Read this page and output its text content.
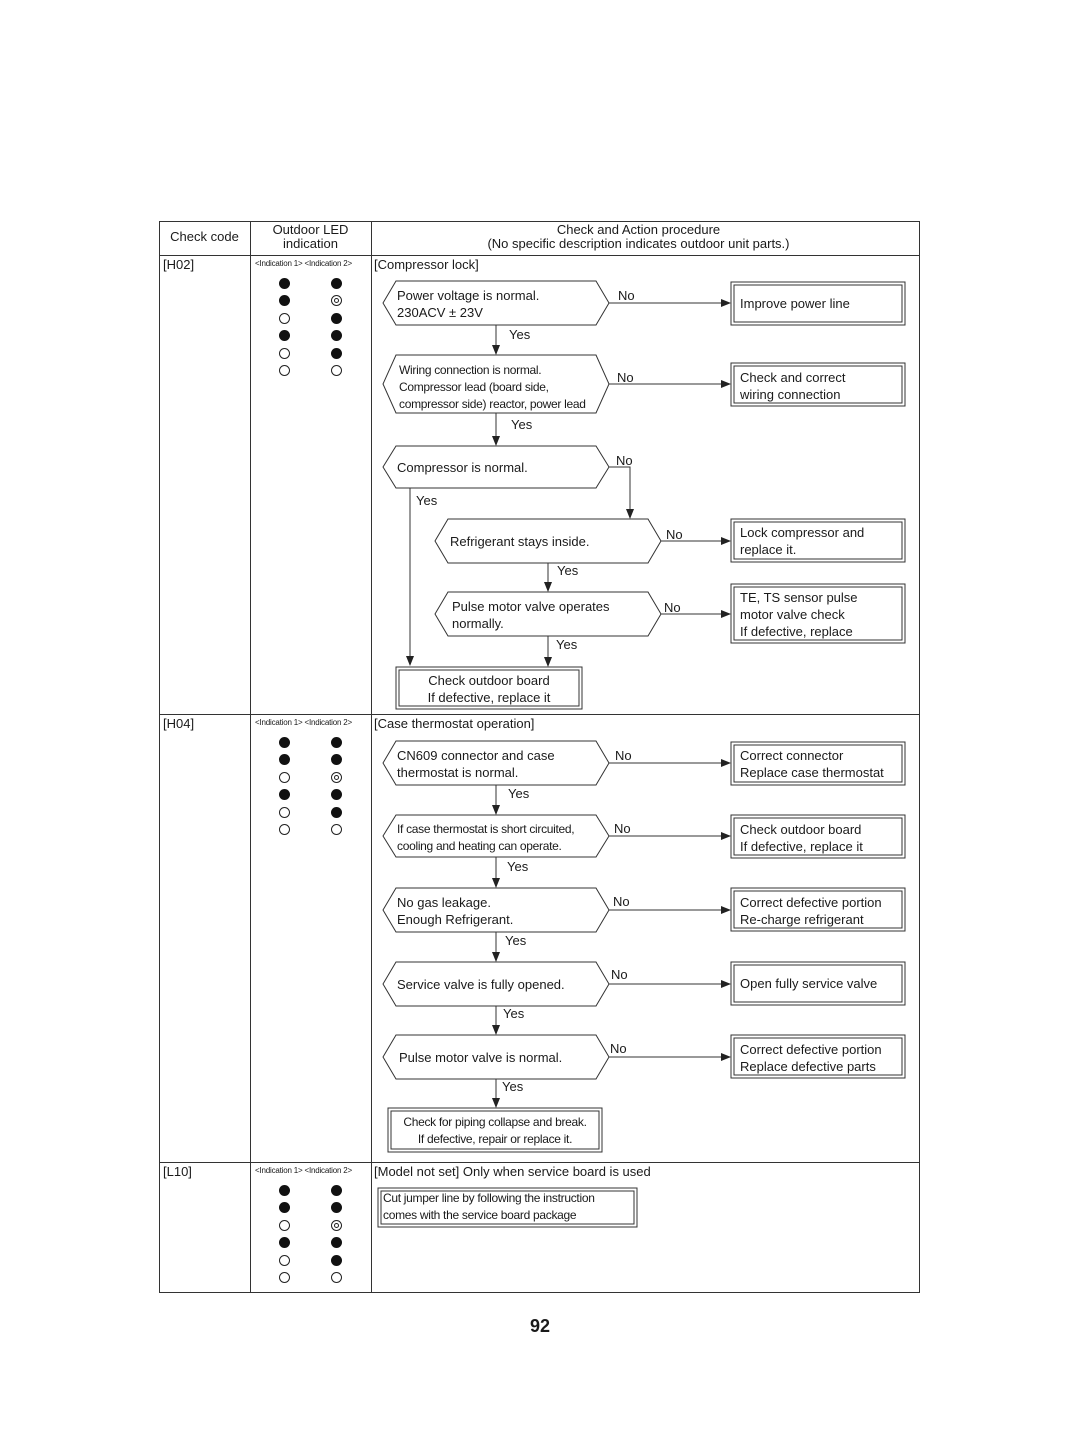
Check code	Outdoor LED
indication
Check and Action procedure
(No specific description indicates outdoor unit parts.)
[H02]
[H04]
[L10]
<Indication 1> <Indication 2>
<Indication 1> <Indication 2>
<Indication 1> <Indication 2>
[Compressor lock]
[Case thermostat operation]
[Model not set] Only when service board is used
Power voltage is normal.
230ACV ± 23V
Wiring connection is normal.
Compressor lead (board side,
compressor side) reactor, power lead
Compressor is normal.
Refrigerant stays inside.
Pulse motor valve operates
normally.
Improve power line
Check and correct
wiring connection
Lock compressor and
replace it.
TE, TS sensor pulse
motor valve check
If defective, replace
Check outdoor board
If defective, replace it
No
Yes
No
Yes
No
Yes
No
Yes
No
Yes
CN609 connector and case
thermostat is normal.
If case thermostat is short circuited,
cooling and heating can operate.
No gas leakage.
Enough Refrigerant.
Service valve is fully opened.
Pulse motor valve is normal.
Correct connector
Replace case thermostat
Check outdoor board
If defective, replace it
Correct defective portion
Re-charge refrigerant
Open fully service valve
Correct defective portion
Replace defective parts
Check for piping collapse and break.
If defective, repair or replace it.
No
Yes
No
Yes
No
Yes
No
Yes
No
Yes
Cut jumper line by following the instruction
comes with the service board package
92
